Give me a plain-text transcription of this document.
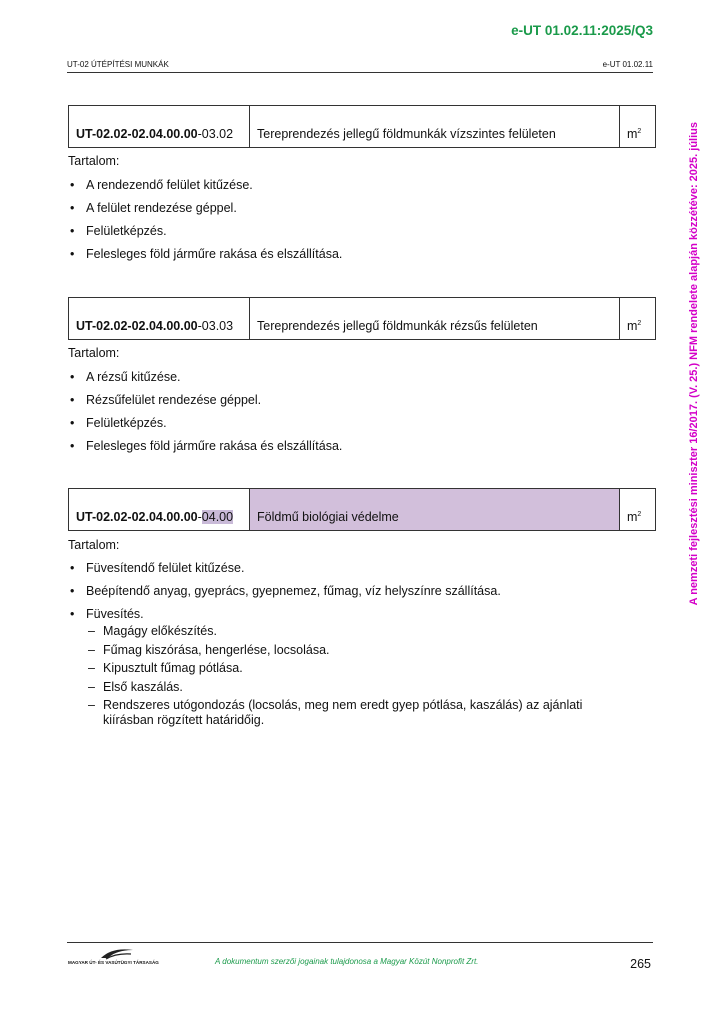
e-UT 01.02.11:2025/Q3
UT-02 ÚTÉPÍTÉSI MUNKÁK	e-UT 01.02.11
A nemzeti fejlesztési miniszter 16/2017. (V. 25.) NFM rendelete alapján közzétéve: 2025. július
UT-02.02-02.04.00.00-03.02	Tereprendezés jellegű földmunkák vízszintes felületen	$m^2$
Tartalom:
• A rendezendő felület kitűzése.
• A felület rendezése géppel.
• Felületképzés.
• Felesleges föld járműre rakása és elszállítása.
UT-02.02-02.04.00.00-03.03	Tereprendezés jellegű földmunkák rézsűs felületen	$m^2$
Tartalom:
• A rézsű kitűzése.
• Rézsűfelület rendezése géppel.
• Felületképzés.
• Felesleges föld járműre rakása és elszállítása.
UT-02.02-02.04.00.00-04.00	Földmű biológiai védelme	$m^2$
Tartalom:
• Füvesítendő felület kitűzése.
• Beépítendő anyag, gyeprács, gyepnemez, fűmag, víz helyszínre szállítása.
• Füvesítés.
– Magágy előkészítés.
– Fűmag kiszórása, hengerlése, locsolása.
– Kipusztult fűmag pótlása.
– Első kaszálás.
– Rendszeres utógondozás (locsolás, meg nem eredt gyep pótlása, kaszálás) az ajánlati kiírásban rögzített határidőig.
MAGYAR ÚT- ÉS VASÚTÜGYI TÁRSASÁG	A dokumentum szerzői jogainak tulajdonosa a Magyar Közút Nonprofit Zrt.	265
